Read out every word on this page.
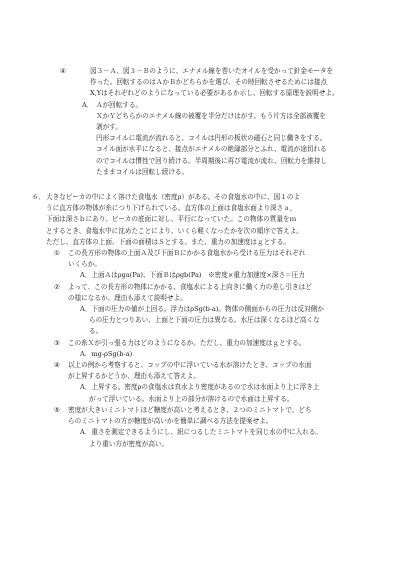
④	図３－Ａ、図３－Ｂのように、エナメル線を巻いたオイルを受かって針金モータを
作った。回転するのはＡかＢかどちらかを選び、その時回転させるためには接点
X,Yはそれぞれどのようになっている必要があるか示し、回転する原理を説明せよ。
A． Ａが回転する。
ＸかＹどちらかのエナメル線の被覆を半分だけはがす。もう片方は全部被覆を
剥がす。
円形コイルに電流が流れると、コイルは円形の板状の磁石と同じ働きをする。
コイル面が水平になると、接点がエナメルの絶縁部分とふれ、電流が途切れる
のでコイルは慣性で回り続ける。半周期後に再び電流が流れ、回転力を維持し
たままコイルは回転し続ける。
６． 大きなビーカの中によく溶けた食塩水（密度ρ）がある。その食塩水の中に、図１のよ
うに直方体の物体が糸につり下げられている。直方体の上面は食塩水面より深さａ，
下面は深さｂにあり、ビーカの底面に対し、平行になっていた。この物体の質量をｍ
とするとき、食塩水中に沈めたことにより、いくら軽くなったかを次の順序で答えよ。
ただし、直方体の上面、下面の面積はＳとする。また、重力の加速度はｇとする。
①	この長方形の物体の上面Ａ及び下面Ｂにかかる食塩水から受ける圧力はそれぞれ
いくらか。
A．上面Ａはρga(Pa)、下面Ｂはρgb(Pa)　※密度×重力加速度×深さ＝圧力
②	よって、この長方形の物体にかかる、食塩水による上向きに働く力の差し引きはど
の様になるか。理由も添えて説明せよ。
A．下面の圧力の値が上回る。浮力はρSg(b-a)。物体の側面からの圧力は反対側か
らの圧力とつりあい、上面と下面の圧力は異なる。水圧は深くなるほど高くな
る。
③	この糸Ｘが引っ張る力はどのようになるか。ただし、重力の加速度はｇとする。
A．mg-ρSg(b-a)
④	以上の例から考察すると、コップの中に浮いている水が溶けたとき、コップの水面
が上昇するかどうか、理由も添えて答えよ。
A．上昇する。密度ρの食塩水は真水より密度があるので水は水面より上に浮き上
がって浮いている。水面より上の部分が溶けるので水面は上昇する。
⑤	密度が大きいミニトマトほど糖度が高いと考えるとき、２つのミニトマトで、どち
らのミニトマトの方が糖度が高いかを簡単に調べる方法を提案せよ。
A．重さを測定できるようにし、紐につるしたミニトマトを同じ水の中に入れる。
より重い方が密度が高い。
